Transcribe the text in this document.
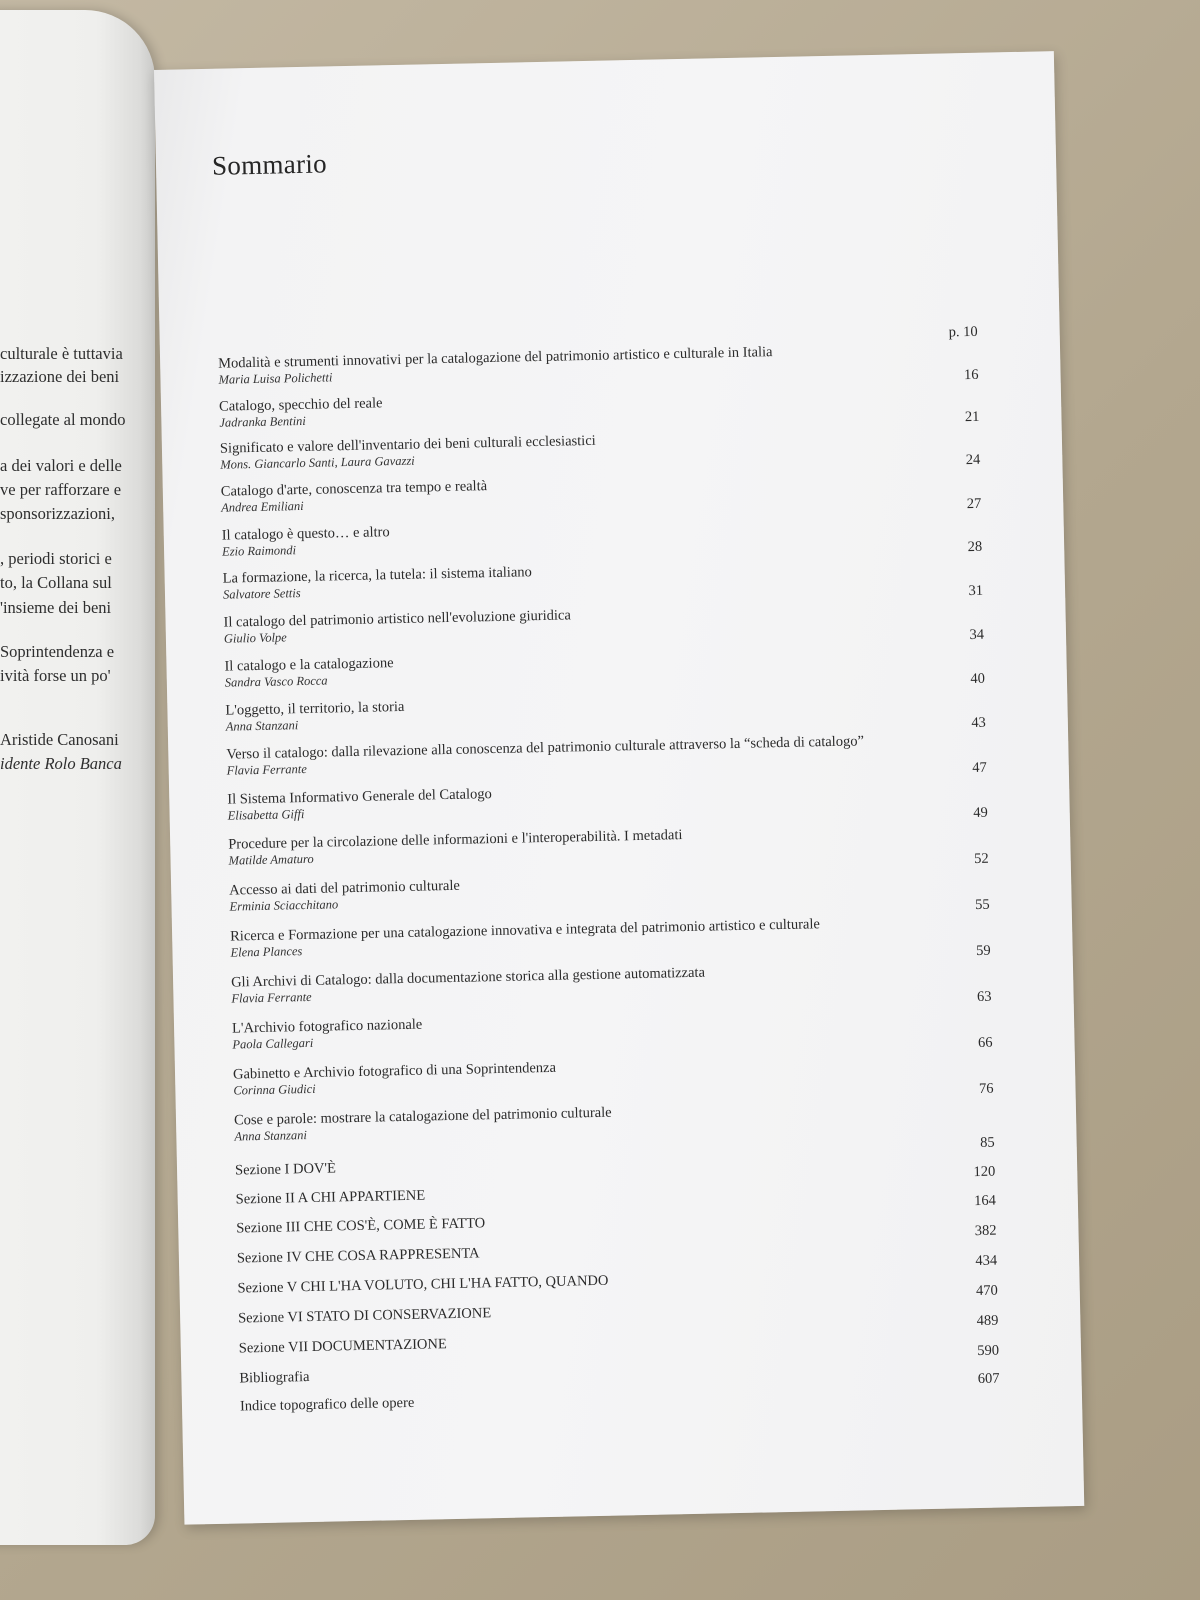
culturale è tuttavia
izzazione dei beni
collegate al mondo
a dei valori e delle
ve per rafforzare e
sponsorizzazioni,
, periodi storici e
to, la Collana sul
'insieme dei beni
Soprintendenza e
ività forse un po'
Aristide Canosani
idente Rolo Banca
Sommario
Modalità e strumenti innovativi per la catalogazione del patrimonio artistico e culturale in Italia
Maria Luisa Polichetti
p. 10
Catalogo, specchio del reale
Jadranka Bentini
16
Significato e valore dell'inventario dei beni culturali ecclesiastici
Mons. Giancarlo Santi, Laura Gavazzi
21
Catalogo d'arte, conoscenza tra tempo e realtà
Andrea Emiliani
24
Il catalogo è questo… e altro
Ezio Raimondi
27
La formazione, la ricerca, la tutela: il sistema italiano
Salvatore Settis
28
Il catalogo del patrimonio artistico nell'evoluzione giuridica
Giulio Volpe
31
Il catalogo e la catalogazione
Sandra Vasco Rocca
34
L'oggetto, il territorio, la storia
Anna Stanzani
40
Verso il catalogo: dalla rilevazione alla conoscenza del patrimonio culturale attraverso la “scheda di catalogo”
Flavia Ferrante
43
Il Sistema Informativo Generale del Catalogo
Elisabetta Giffi
47
Procedure per la circolazione delle informazioni e l'interoperabilità. I metadati
Matilde Amaturo
49
Accesso ai dati del patrimonio culturale
Erminia Sciacchitano
52
Ricerca e Formazione per una catalogazione innovativa e integrata del patrimonio artistico e culturale
Elena Plances
55
Gli Archivi di Catalogo: dalla documentazione storica alla gestione automatizzata
Flavia Ferrante
59
L'Archivio fotografico nazionale
Paola Callegari
63
Gabinetto e Archivio fotografico di una Soprintendenza
Corinna Giudici
66
Cose e parole: mostrare la catalogazione del patrimonio culturale
Anna Stanzani
76
Sezione I DOV'È
85
Sezione II A CHI APPARTIENE
120
Sezione III CHE COS'È, COME È FATTO
164
Sezione IV CHE COSA RAPPRESENTA
382
Sezione V CHI L'HA VOLUTO, CHI L'HA FATTO, QUANDO
434
Sezione VI STATO DI CONSERVAZIONE
470
Sezione VII DOCUMENTAZIONE
489
Bibliografia
590
Indice topografico delle opere
607
